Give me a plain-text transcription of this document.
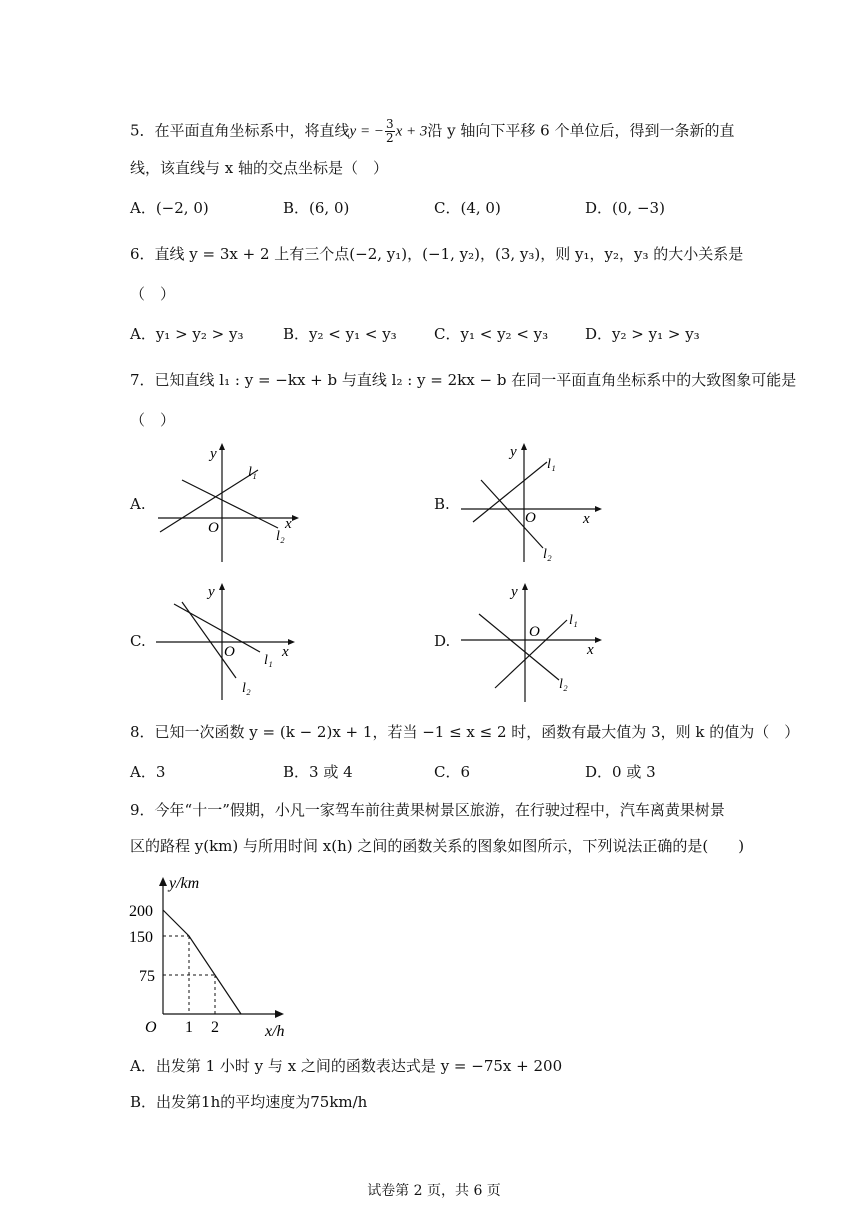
5．在平面直角坐标系中，将直线y = − $\frac{3}{2}$ x + 3沿 y 轴向下平移 6 个单位后，得到一条新的直
线，该直线与 x 轴的交点坐标是（　）
A．(−2, 0)	B．(6, 0)	C．(4, 0)	D．(0, −3)
6．直线 y = 3x + 2 上有三个点(−2, y₁)，(−1, y₂)，(3, y₃)，则 y₁，y₂，y₃ 的大小关系是
（　）
A．y₁ > y₂ > y₃	B．y₂ < y₁ < y₃ C．y₁ < y₂ < y₃ D．y₂ > y₁ > y₃
7．已知直线 l₁ : y = −kx + b 与直线 l₂ : y = 2kx − b 在同一平面直角坐标系中的大致图象可能是
（　）
A.
y
x
O
l₁
l₂
B.
y
x
O
l₁
l₂
C.
y
x
O
l₁
l₂
D.
y
x
O
l₁
l₂
8．已知一次函数 y = (k − 2)x + 1，若当 −1 ≤ x ≤ 2 时，函数有最大值为 3，则 k 的值为（　）
A．3	B．3 或 4	C．6	D．0 或 3
9．今年“十一”假期，小凡一家驾车前往黄果树景区旅游，在行驶过程中，汽车离黄果树景
区的路程 y(km) 与所用时间 x(h) 之间的函数关系的图象如图所示，下列说法正确的是(　　)
y/km
x/h
O
200
150
75
1 2
A．出发第 1 小时 y 与 x 之间的函数表达式是 y = −75x + 200
B．出发第1h的平均速度为75km/h
试卷第 2 页，共 6 页
